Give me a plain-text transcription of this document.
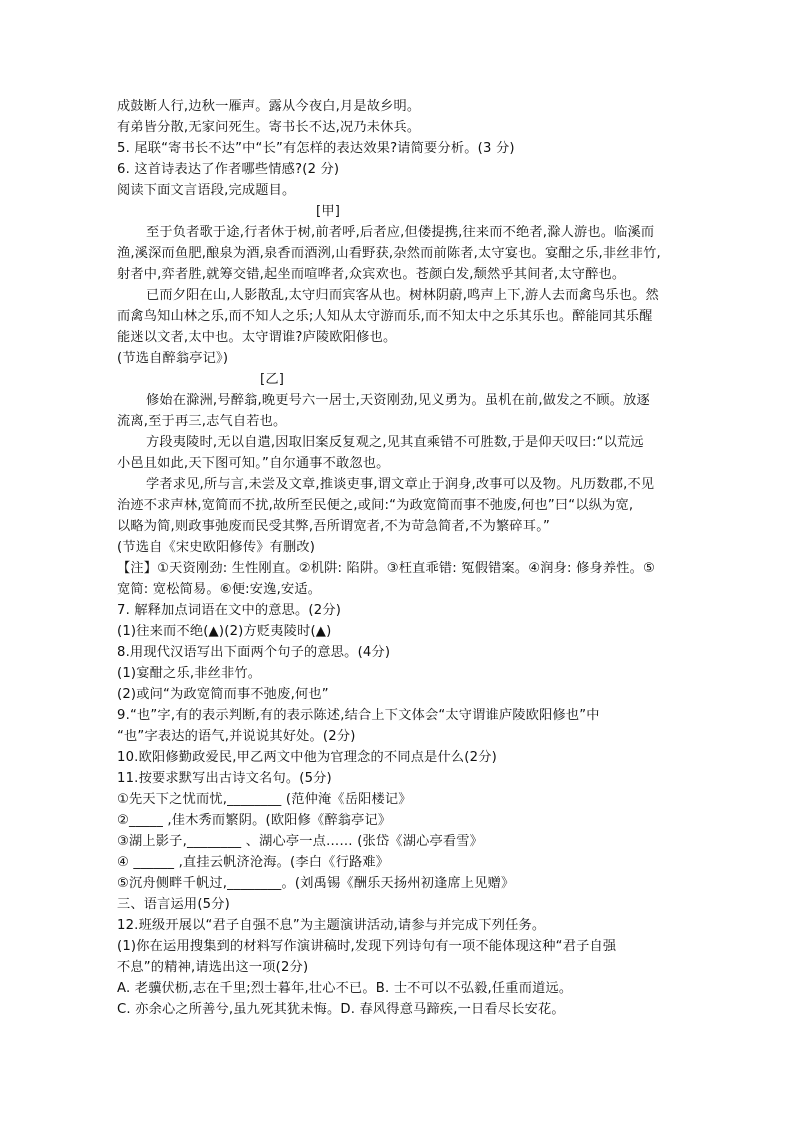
成鼓断人行,边秋一雁声。露从今夜白,月是故乡明。
有弟皆分散,无家问死生。寄书长不达,况乃未休兵。
5. 尾联“寄书长不达”中“长”有怎样的表达效果?请简要分析。(3 分)
6. 这首诗表达了作者哪些情感?(2 分)
阅读下面文言语段,完成题目。
[甲]
至于负者歌于途,行者休于树,前者呼,后者应,但偻提携,往来而不绝者,滁人游也。临溪而
渔,溪深而鱼肥,酿泉为酒,泉香而酒洌,山看野获,杂然而前陈者,太守宴也。宴酣之乐,非丝非竹,
射者中,弈者胜,就筹交错,起坐而喧哗者,众宾欢也。苍颜白发,颓然乎其间者,太守醉也。
已而夕阳在山,人影散乱,太守归而宾客从也。树林阴蔚,鸣声上下,游人去而禽鸟乐也。然
而禽鸟知山林之乐,而不知人之乐;人知从太守游而乐,而不知太中之乐其乐也。醉能同其乐醒
能迷以文者,太中也。太守谓谁?庐陵欧阳修也。
(节选自醉翁亭记》)
[乙]
修始在滁洲,号醉翁,晚更号六一居士,天资刚劲,见义勇为。虽机在前,做发之不顾。放逐
流离,至于再三,志气自若也。
方段夷陵时,无以自遣,因取旧案反复观之,见其直乘错不可胜数,于是仰天叹曰:“以荒远
小邑且如此,天下图可知。”自尔通事不敢忽也。
学者求见,所与言,未尝及文章,推谈吏事,谓文章止于润身,改事可以及物。凡历数郡,不见
治迹不求声林,宽简而不扰,故所至民便之,或间:“为政宽简而事不弛废,何也”曰“以纵为宽,
以略为简,则政事弛废而民受其弊,吾所谓宽者,不为苛急简者,不为繁碎耳。”
(节选自《宋史欧阳修传》有删改)
【注】①天资刚劲: 生性刚直。②机阱: 陷阱。③枉直乖错: 冤假错案。④润身: 修身养性。⑤
宽简: 宽松简易。⑥便:安逸,安适。
7. 解释加点词语在文中的意思。(2分)
(1)往来而不绝(▲)(2)方贬夷陵时(▲)
8.用现代汉语写出下面两个句子的意思。(4分)
(1)宴酣之乐,非丝非竹。
(2)或问“为政宽简而事不弛废,何也”
9.“也”字,有的表示判断,有的表示陈述,结合上下文体会“太守谓谁庐陵欧阳修也”中
“也”字表达的语气,并说说其好处。(2分)
10.欧阳修勤政爱民,甲乙两文中他为官理念的不同点是什么(2分)
11.按要求默写出古诗文名句。(5分)
①先天下之忧而忧,________ (范仲淹《岳阳楼记》
②_____ ,佳木秀而繁阴。(欧阳修《醉翁亭记》
③湖上影子,________ 、湖心亭一点…… (张岱《湖心亭看雪》
④ ______ ,直挂云帆济沧海。(李白《行路难》
⑤沉舟侧畔千帆过,________。(刘禹锡《酬乐天扬州初逢席上见赠》
三、语言运用(5分)
12.班级开展以“君子自强不息”为主题演讲活动,请参与并完成下列任务。
(1)你在运用搜集到的材料写作演讲稿时,发现下列诗句有一项不能体现这种“君子自强
不息”的精神,请选出这一项(2分)
A. 老骥伏枥,志在千里;烈士暮年,壮心不已。B. 士不可以不弘毅,任重而道远。
C. 亦余心之所善兮,虽九死其犹未悔。D. 春风得意马蹄疾,一日看尽长安花。
